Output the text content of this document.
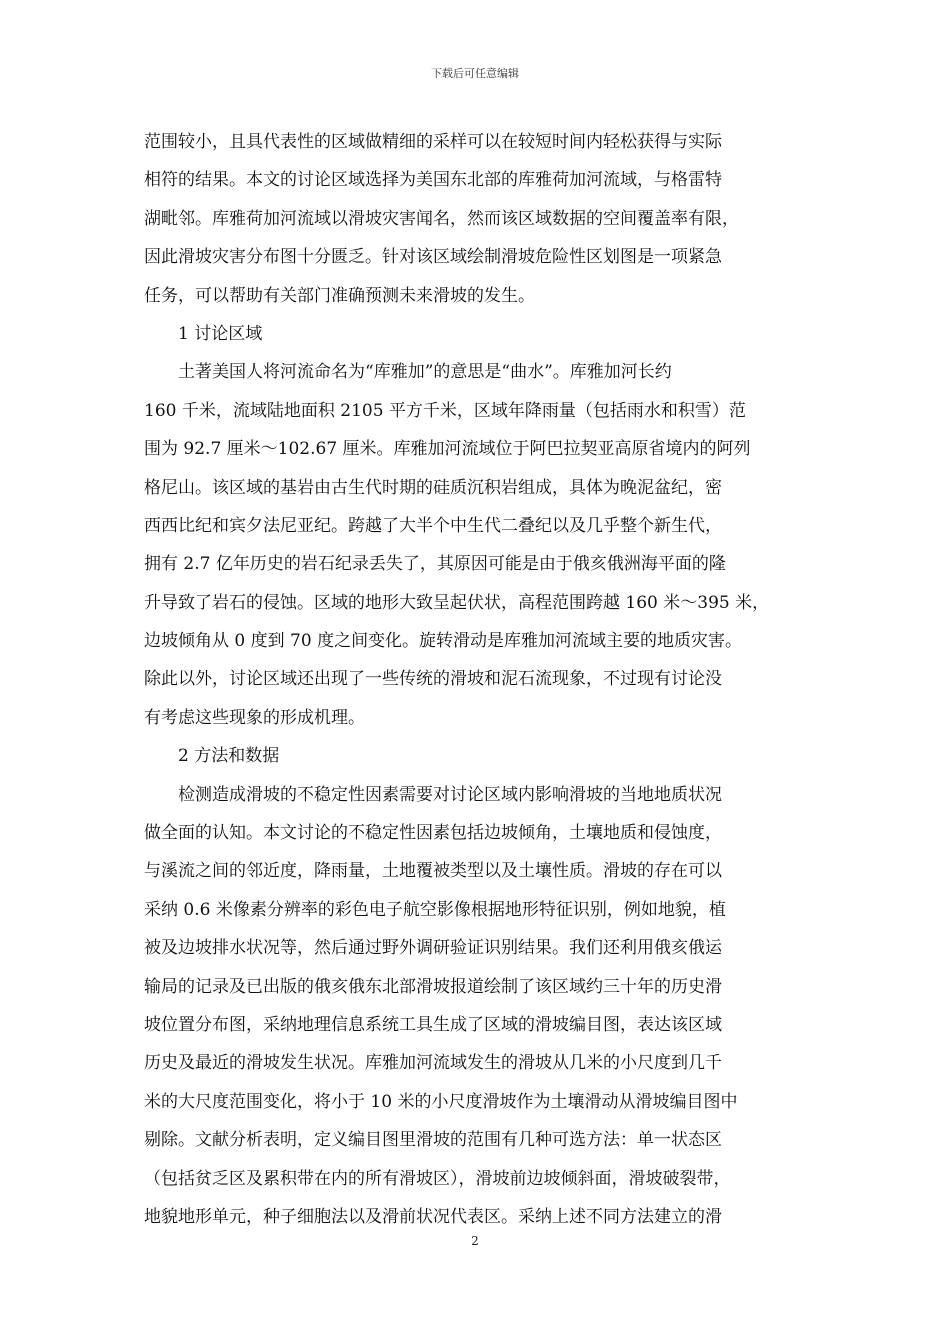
下载后可任意编辑
范围较小，且具代表性的区域做精细的采样可以在较短时间内轻松获得与实际
相符的结果。本文的讨论区域选择为美国东北部的库雅荷加河流域，与格雷特
湖毗邻。库雅荷加河流域以滑坡灾害闻名，然而该区域数据的空间覆盖率有限，
因此滑坡灾害分布图十分匮乏。针对该区域绘制滑坡危险性区划图是一项紧急
任务，可以帮助有关部门准确预测未来滑坡的发生。
1 讨论区域
土著美国人将河流命名为“库雅加”的意思是“曲水”。库雅加河长约
160 千米，流域陆地面积 2105 平方千米，区域年降雨量（包括雨水和积雪）范
围为 92.7 厘米～102.67 厘米。库雅加河流域位于阿巴拉契亚高原省境内的阿列
格尼山。该区域的基岩由古生代时期的硅质沉积岩组成，具体为晚泥盆纪，密
西西比纪和宾夕法尼亚纪。跨越了大半个中生代二叠纪以及几乎整个新生代，
拥有 2.7 亿年历史的岩石纪录丢失了，其原因可能是由于俄亥俄洲海平面的隆
升导致了岩石的侵蚀。区域的地形大致呈起伏状，高程范围跨越 160 米～395 米，
边坡倾角从 0 度到 70 度之间变化。旋转滑动是库雅加河流域主要的地质灾害。
除此以外，讨论区域还出现了一些传统的滑坡和泥石流现象，不过现有讨论没
有考虑这些现象的形成机理。
2 方法和数据
检测造成滑坡的不稳定性因素需要对讨论区域内影响滑坡的当地地质状况
做全面的认知。本文讨论的不稳定性因素包括边坡倾角，土壤地质和侵蚀度，
与溪流之间的邻近度，降雨量，土地覆被类型以及土壤性质。滑坡的存在可以
采纳 0.6 米像素分辨率的彩色电子航空影像根据地形特征识别，例如地貌，植
被及边坡排水状况等，然后通过野外调研验证识别结果。我们还利用俄亥俄运
输局的记录及已出版的俄亥俄东北部滑坡报道绘制了该区域约三十年的历史滑
坡位置分布图，采纳地理信息系统工具生成了区域的滑坡编目图，表达该区域
历史及最近的滑坡发生状况。库雅加河流域发生的滑坡从几米的小尺度到几千
米的大尺度范围变化，将小于 10 米的小尺度滑坡作为土壤滑动从滑坡编目图中
剔除。文献分析表明，定义编目图里滑坡的范围有几种可选方法：单一状态区
（包括贫乏区及累积带在内的所有滑坡区），滑坡前边坡倾斜面，滑坡破裂带，
地貌地形单元，种子细胞法以及滑前状况代表区。采纳上述不同方法建立的滑
2
